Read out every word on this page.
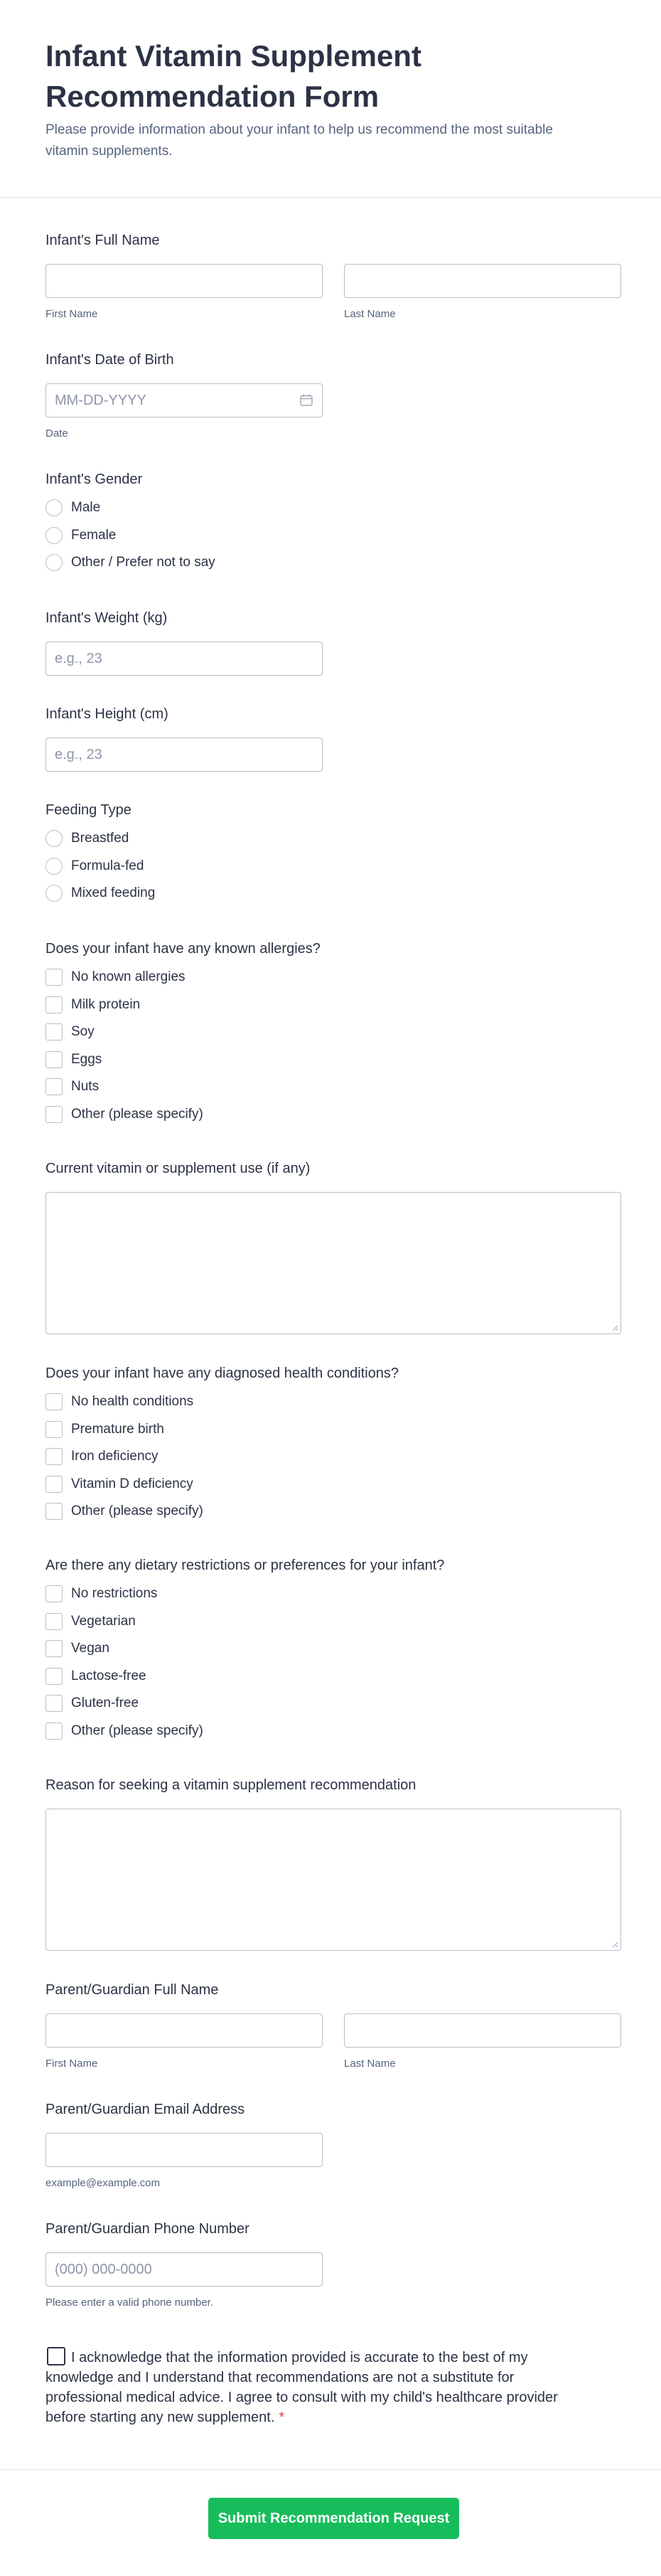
Infant Vitamin Supplement Recommendation Form

Please provide information about your infant to help us recommend the most suitable vitamin supplements.

Infant's Full Name
First Name	Last Name
Infant's Date of Birth
MM-DD-YYYY
Date
Infant's Gender
Male
Female
Other / Prefer not to say
Infant's Weight (kg)
e.g., 23
Infant's Height (cm)
e.g., 23
Feeding Type
Breastfed
Formula-fed
Mixed feeding
Does your infant have any known allergies?
No known allergies
Milk protein
Soy
Eggs
Nuts
Other (please specify)
Current vitamin or supplement use (if any)
Does your infant have any diagnosed health conditions?
No health conditions
Premature birth
Iron deficiency
Vitamin D deficiency
Other (please specify)
Are there any dietary restrictions or preferences for your infant?
No restrictions
Vegetarian
Vegan
Lactose-free
Gluten-free
Other (please specify)
Reason for seeking a vitamin supplement recommendation
Parent/Guardian Full Name
First Name	Last Name
Parent/Guardian Email Address
example@example.com
Parent/Guardian Phone Number
(000) 000-0000
Please enter a valid phone number.
I acknowledge that the information provided is accurate to the best of my knowledge and I understand that recommendations are not a substitute for professional medical advice. I agree to consult with my child's healthcare provider before starting any new supplement. *
Submit Recommendation Request
